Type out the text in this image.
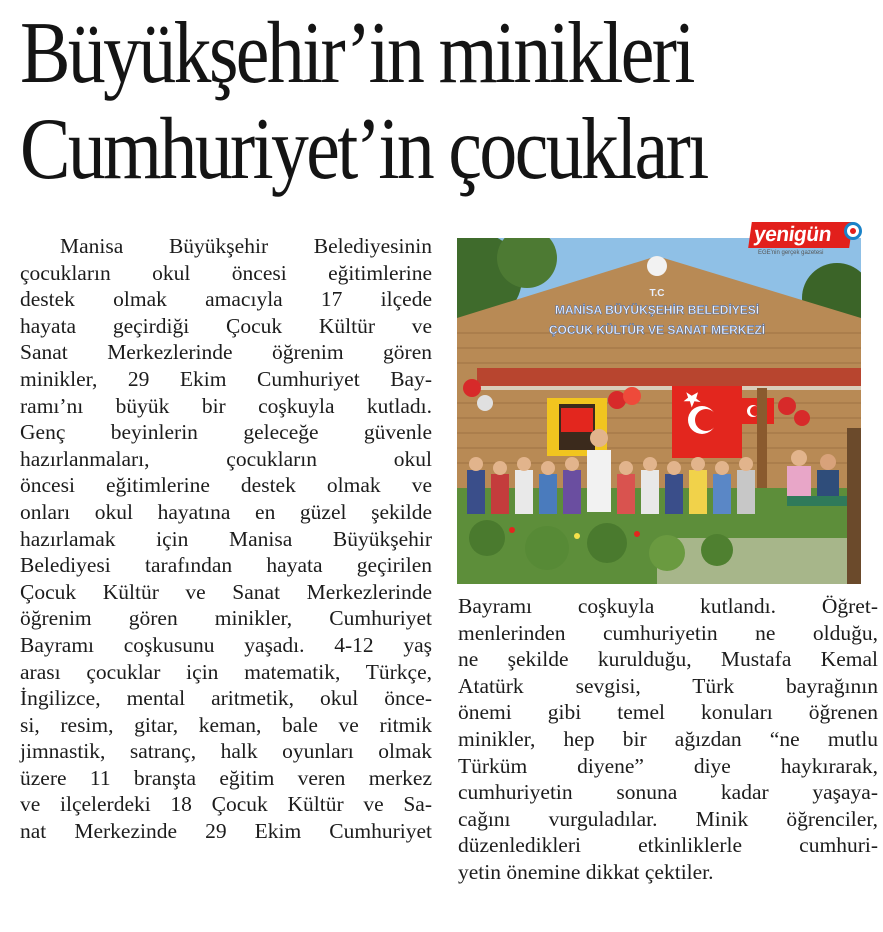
Büyükşehir’in minikleri
Cumhuriyet’in çocukları
Manisa Büyükşehir Belediyesinin
çocukların okul öncesi eğitimlerine
destek olmak amacıyla 17 ilçede
hayata geçirdiği Çocuk Kültür ve
Sanat Merkezlerinde öğrenim gören
minikler, 29 Ekim Cumhuriyet Bay-
ramı’nı büyük bir coşkuyla kutladı.
Genç beyinlerin geleceğe güvenle
hazırlanmaları, çocukların okul
öncesi eğitimlerine destek olmak ve
onları okul hayatına en güzel şekilde
hazırlamak için Manisa Büyükşehir
Belediyesi tarafından hayata geçirilen
Çocuk Kültür ve Sanat Merkezlerinde
öğrenim gören minikler, Cumhuriyet
Bayramı coşkusunu yaşadı. 4-12 yaş
arası çocuklar için matematik, Türkçe,
İngilizce, mental aritmetik, okul önce-
si, resim, gitar, keman, bale ve ritmik
jimnastik, satranç, halk oyunları olmak
üzere 11 branşta eğitim veren merkez
ve ilçelerdeki 18 Çocuk Kültür ve Sa-
nat Merkezinde 29 Ekim Cumhuriyet
T.C
MANİSA BÜYÜKŞEHİR BELEDİYESİ
ÇOCUK KÜLTÜR VE SANAT MERKEZİ
yenigün
EGE'nin gerçek gazetesi
Bayramı coşkuyla kutlandı. Öğret-
menlerinden cumhuriyetin ne olduğu,
ne şekilde kurulduğu, Mustafa Kemal
Atatürk sevgisi, Türk bayrağının
önemi gibi temel konuları öğrenen
minikler, hep bir ağızdan “ne mutlu
Türküm diyene” diye haykırarak,
cumhuriyetin sonuna kadar yaşaya-
cağını vurguladılar. Minik öğrenciler,
düzenledikleri etkinliklerle cumhuri-
yetin önemine dikkat çektiler.
